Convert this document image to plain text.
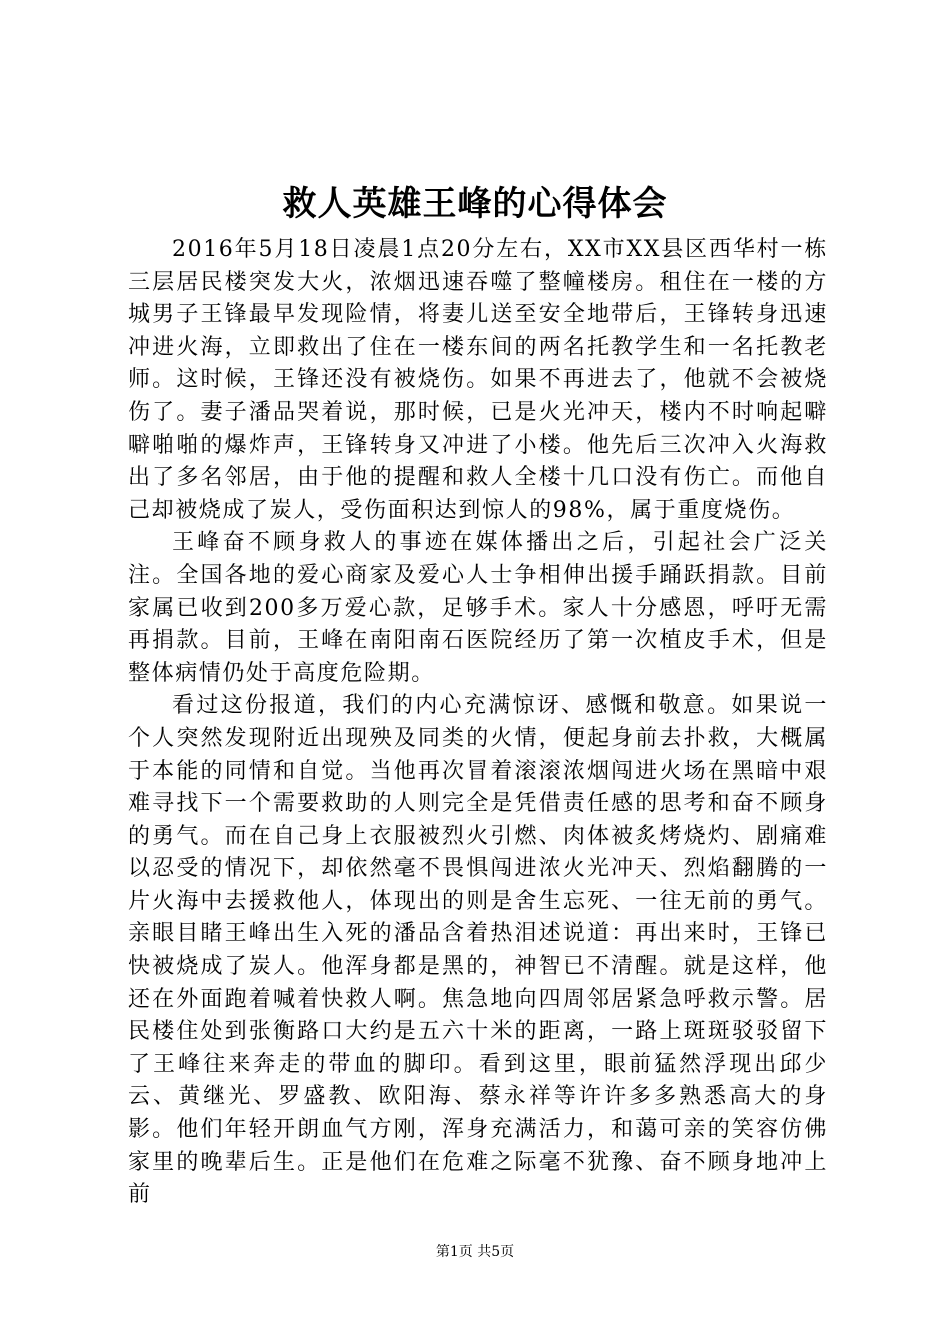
救人英雄王峰的心得体会

2016年5月18日凌晨1点20分左右，XX市XX县区西华村一栋三层居民楼突发大火，浓烟迅速吞噬了整幢楼房。租住在一楼的方城男子王锋最早发现险情，将妻儿送至安全地带后，王锋转身迅速冲进火海，立即救出了住在一楼东间的两名托教学生和一名托教老师。这时候，王锋还没有被烧伤。如果不再进去了，他就不会被烧伤了。妻子潘品哭着说，那时候，已是火光冲天，楼内不时响起噼噼啪啪的爆炸声，王锋转身又冲进了小楼。他先后三次冲入火海救出了多名邻居，由于他的提醒和救人全楼十几口没有伤亡。而他自己却被烧成了炭人，受伤面积达到惊人的98%，属于重度烧伤。

王峰奋不顾身救人的事迹在媒体播出之后，引起社会广泛关注。全国各地的爱心商家及爱心人士争相伸出援手踊跃捐款。目前家属已收到200多万爱心款，足够手术。家人十分感恩，呼吁无需再捐款。目前，王峰在南阳南石医院经历了第一次植皮手术，但是整体病情仍处于高度危险期。

看过这份报道，我们的内心充满惊讶、感慨和敬意。如果说一个人突然发现附近出现殃及同类的火情，便起身前去扑救，大概属于本能的同情和自觉。当他再次冒着滚滚浓烟闯进火场在黑暗中艰难寻找下一个需要救助的人则完全是凭借责任感的思考和奋不顾身的勇气。而在自己身上衣服被烈火引燃、肉体被炙烤烧灼、剧痛难以忍受的情况下，却依然毫不畏惧闯进浓火光冲天、烈焰翻腾的一片火海中去援救他人，体现出的则是舍生忘死、一往无前的勇气。亲眼目睹王峰出生入死的潘品含着热泪述说道：再出来时，王锋已快被烧成了炭人。他浑身都是黑的，神智已不清醒。就是这样，他还在外面跑着喊着快救人啊。焦急地向四周邻居紧急呼救示警。居民楼住处到张衡路口大约是五六十米的距离，一路上斑斑驳驳留下了王峰往来奔走的带血的脚印。看到这里，眼前猛然浮现出邱少云、黄继光、罗盛教、欧阳海、蔡永祥等许许多多熟悉高大的身影。他们年轻开朗血气方刚，浑身充满活力，和蔼可亲的笑容仿佛家里的晚辈后生。正是他们在危难之际毫不犹豫、奋不顾身地冲上前

第1页 共5页
